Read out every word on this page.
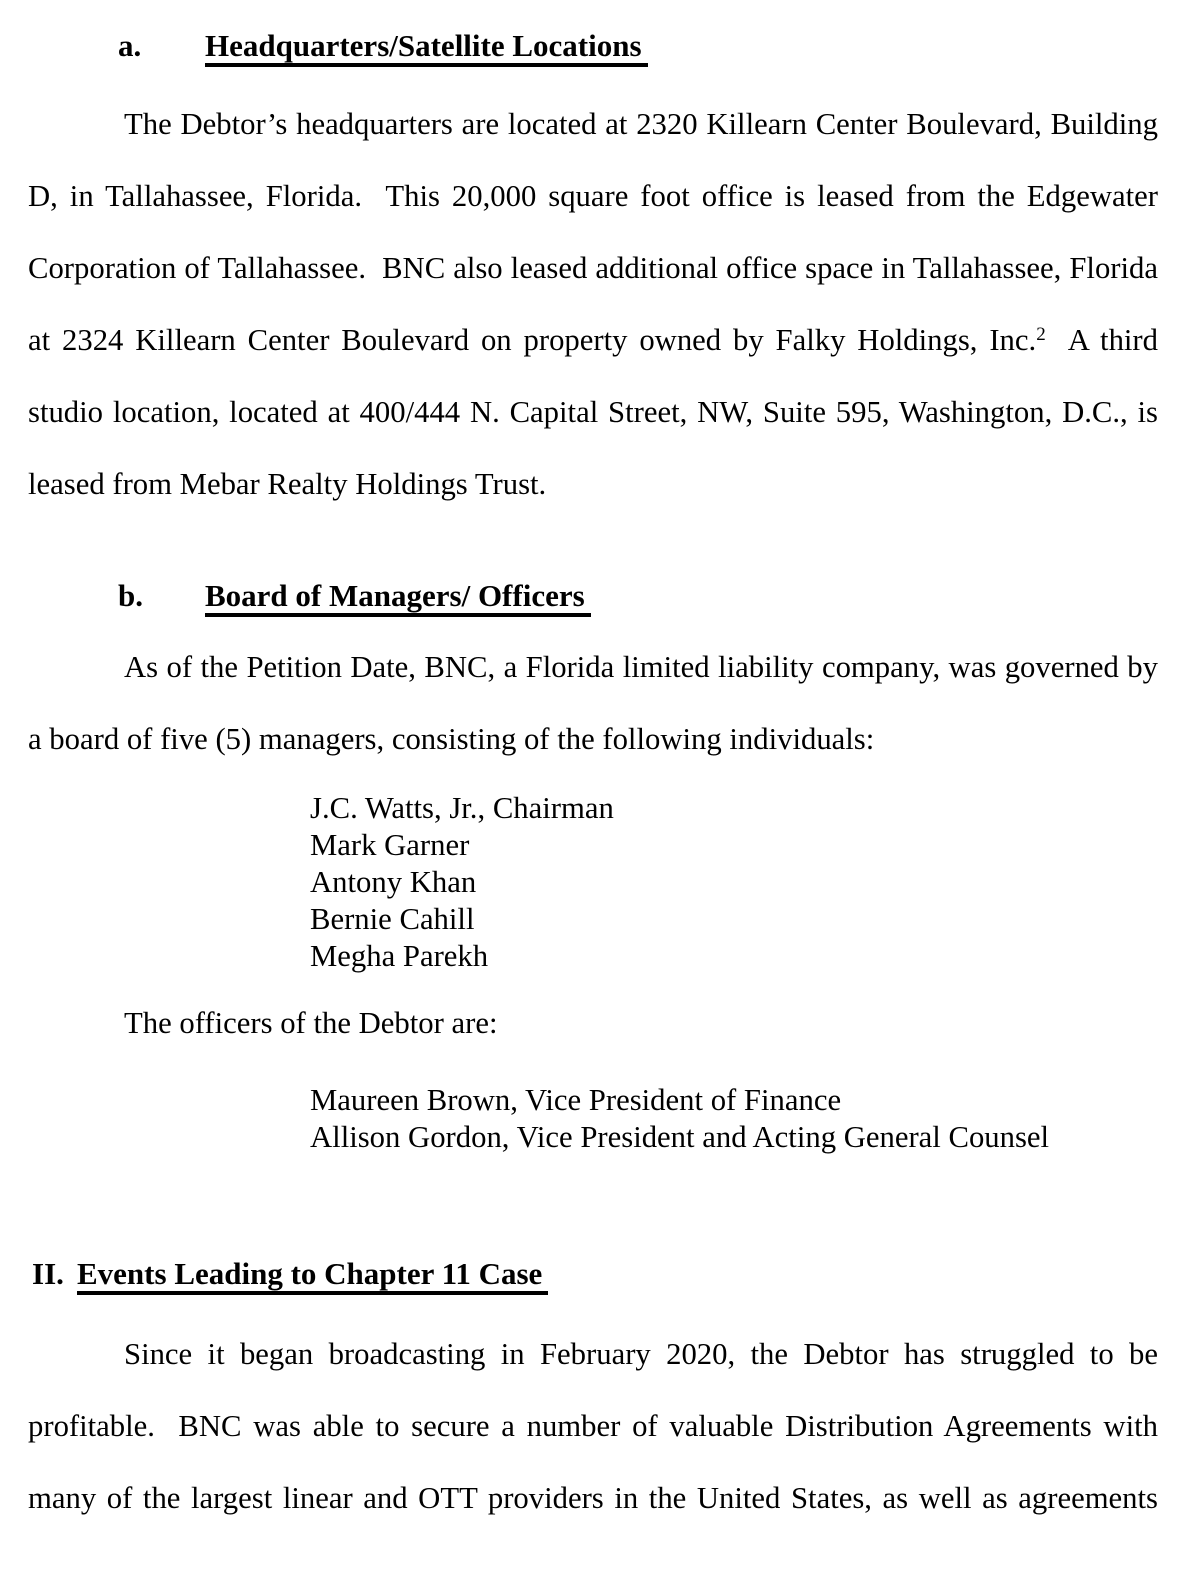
a. Headquarters/Satellite Locations

The Debtor’s headquarters are located at 2320 Killearn Center Boulevard, Building D, in Tallahassee, Florida.  This 20,000 square foot office is leased from the Edgewater Corporation of Tallahassee.  BNC also leased additional office space in Tallahassee, Florida at 2324 Killearn Center Boulevard on property owned by Falky Holdings, Inc.$^2$  A third studio location, located at 400/444 N. Capital Street, NW, Suite 595, Washington, D.C., is leased from Mebar Realty Holdings Trust.

b. Board of Managers/ Officers

As of the Petition Date, BNC, a Florida limited liability company, was governed by a board of five (5) managers, consisting of the following individuals:

J.C. Watts, Jr., Chairman
Mark Garner
Antony Khan
Bernie Cahill
Megha Parekh
The officers of the Debtor are:
Maureen Brown, Vice President of Finance
Allison Gordon, Vice President and Acting General Counsel
II. Events Leading to Chapter 11 Case

Since it began broadcasting in February 2020, the Debtor has struggled to be profitable.  BNC was able to secure a number of valuable Distribution Agreements with many of the largest linear and OTT providers in the United States, as well as agreements
